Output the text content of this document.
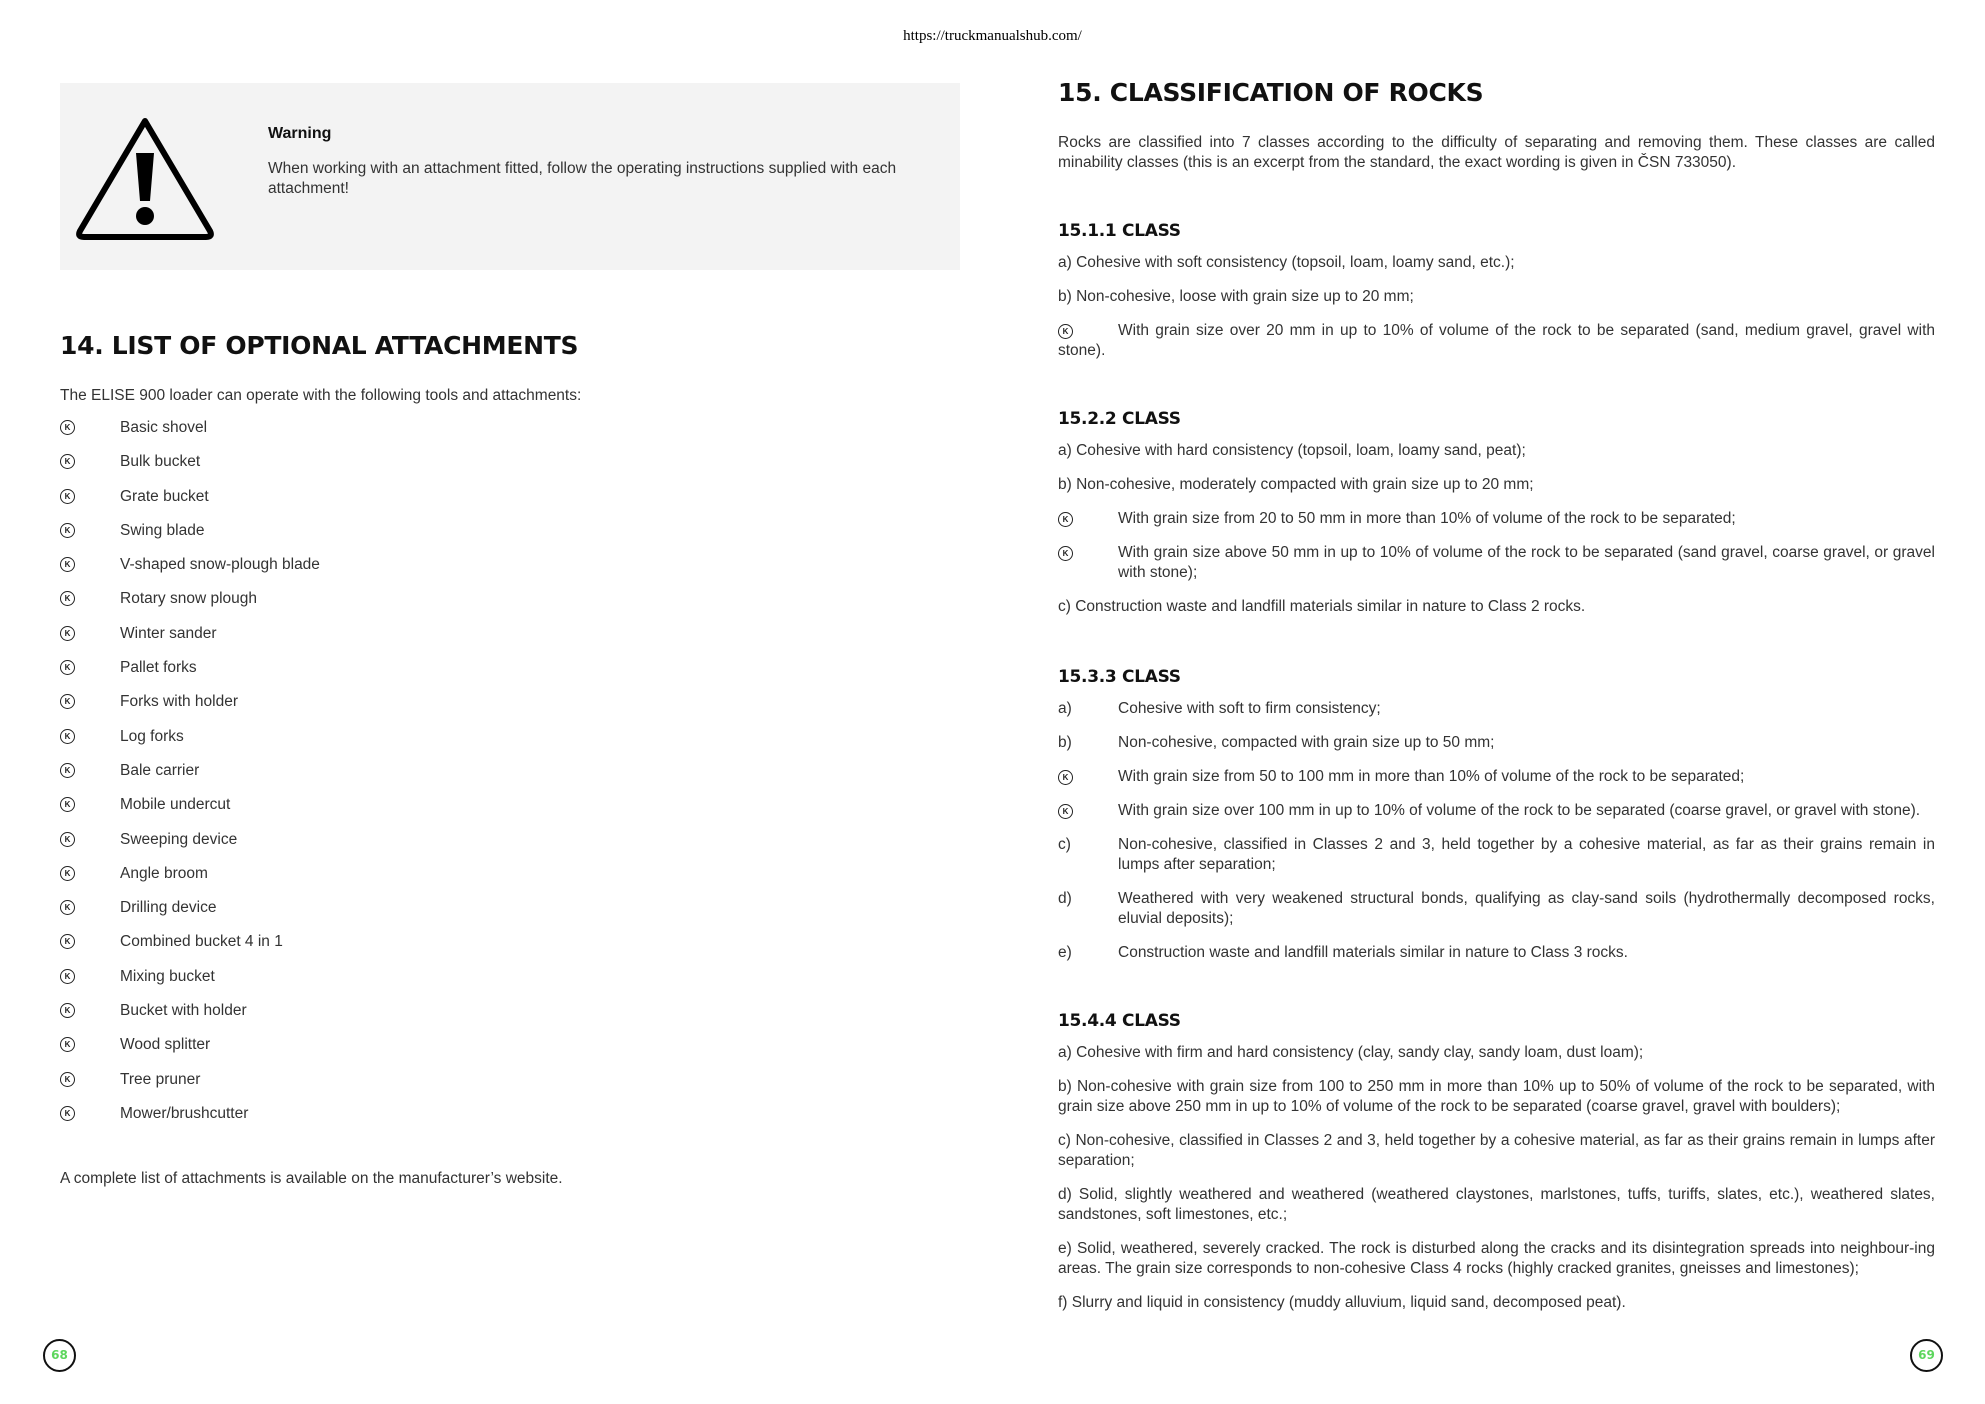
https://truckmanualshub.com/
Warning
When working with an attachment fitted, follow the operating instructions supplied with each attachment!
14. LIST OF OPTIONAL ATTACHMENTS

The ELISE 900 loader can operate with the following tools and attachments:

K	Basic shovel
K	Bulk bucket
K	Grate bucket
K	Swing blade
K	V-shaped snow-plough blade
K	Rotary snow plough
K	Winter sander
K	Pallet forks
K	Forks with holder
K	Log forks
K	Bale carrier
K	Mobile undercut
K	Sweeping device
K	Angle broom
K	Drilling device
K	Combined bucket 4 in 1
K	Mixing bucket
K	Bucket with holder
K	Wood splitter
K	Tree pruner
K	Mower/brushcutter

A complete list of attachments is available on the manufacturer’s website.

15. CLASSIFICATION OF ROCKS

Rocks are classified into 7 classes according to the difficulty of separating and removing them. These classes are called minability classes (this is an excerpt from the standard, the exact wording is given in ČSN 733050).

15.1.1 CLASS
a) Cohesive with soft consistency (topsoil, loam, loamy sand, etc.);
b) Non-cohesive, loose with grain size up to 20 mm;
K	With grain size over 20 mm in up to 10% of volume of the rock to be separated (sand, medium gravel, gravel with stone).
15.2.2 CLASS
a) Cohesive with hard consistency (topsoil, loam, loamy sand, peat);
b) Non-cohesive, moderately compacted with grain size up to 20 mm;
K	With grain size from 20 to 50 mm in more than 10% of volume of the rock to be separated;
K	With grain size above 50 mm in up to 10% of volume of the rock to be separated (sand gravel, coarse gravel, or gravel with stone);
c) Construction waste and landfill materials similar in nature to Class 2 rocks.
15.3.3 CLASS
a)	Cohesive with soft to firm consistency;
b)	Non-cohesive, compacted with grain size up to 50 mm;
K	With grain size from 50 to 100 mm in more than 10% of volume of the rock to be separated;
K	With grain size over 100 mm in up to 10% of volume of the rock to be separated (coarse gravel, or gravel with stone).
c)	Non-cohesive, classified in Classes 2 and 3, held together by a cohesive material, as far as their grains remain in lumps after separation;
d)	Weathered with very weakened structural bonds, qualifying as clay-sand soils (hydrothermally decomposed rocks, eluvial deposits);
e)	Construction waste and landfill materials similar in nature to Class 3 rocks.
15.4.4 CLASS
a) Cohesive with firm and hard consistency (clay, sandy clay, sandy loam, dust loam);
b) Non-cohesive with grain size from 100 to 250 mm in more than 10% up to 50% of volume of the rock to be separated, with grain size above 250 mm in up to 10% of volume of the rock to be separated (coarse gravel, gravel with boulders);
c) Non-cohesive, classified in Classes 2 and 3, held together by a cohesive material, as far as their grains remain in lumps after separation;
d) Solid, slightly weathered and weathered (weathered claystones, marlstones, tuffs, turiffs, slates, etc.), weathered slates, sandstones, soft limestones, etc.;
e) Solid, weathered, severely cracked. The rock is disturbed along the cracks and its disintegration spreads into neighbour-ing areas. The grain size corresponds to non-cohesive Class 4 rocks (highly cracked granites, gneisses and limestones);
f) Slurry and liquid in consistency (muddy alluvium, liquid sand, decomposed peat).
68	69
